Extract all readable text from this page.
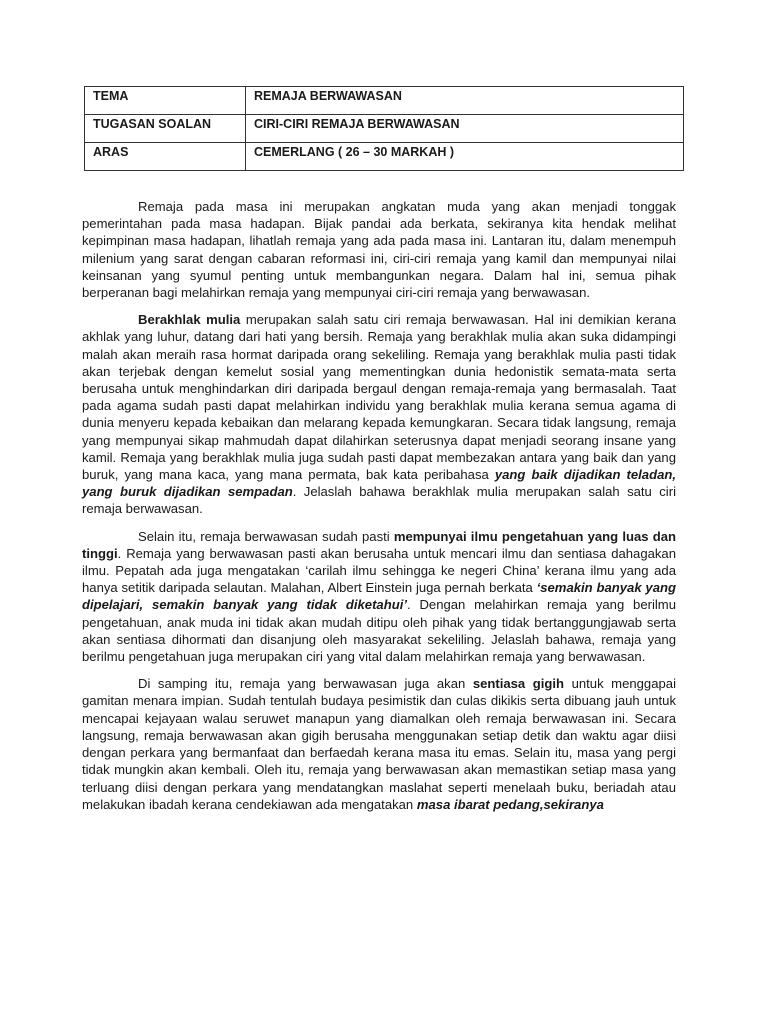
TEMA	REMAJA BERWAWASAN
TUGASAN SOALAN	CIRI-CIRI REMAJA BERWAWASAN
ARAS	CEMERLANG ( 26 – 30 MARKAH )

Remaja pada masa ini merupakan angkatan muda yang akan menjadi tonggak pemerintahan pada masa hadapan. Bijak pandai ada berkata, sekiranya kita hendak melihat kepimpinan masa hadapan, lihatlah remaja yang ada pada masa ini. Lantaran itu, dalam menempuh milenium yang sarat dengan cabaran reformasi ini, ciri-ciri remaja yang kamil dan mempunyai nilai keinsanan yang syumul penting untuk membangunkan negara. Dalam hal ini, semua pihak berperanan bagi melahirkan remaja yang mempunyai ciri-ciri remaja yang berwawasan.

Berakhlak mulia merupakan salah satu ciri remaja berwawasan. Hal ini demikian kerana akhlak yang luhur, datang dari hati yang bersih. Remaja yang berakhlak mulia akan suka didampingi malah akan meraih rasa hormat daripada orang sekeliling. Remaja yang berakhlak mulia pasti tidak akan terjebak dengan kemelut sosial yang mementingkan dunia hedonistik semata-mata serta berusaha untuk menghindarkan diri daripada bergaul dengan remaja-remaja yang bermasalah. Taat pada agama sudah pasti dapat melahirkan individu yang berakhlak mulia kerana semua agama di dunia menyeru kepada kebaikan dan melarang kepada kemungkaran. Secara tidak langsung, remaja yang mempunyai sikap mahmudah dapat dilahirkan seterusnya dapat menjadi seorang insane yang kamil. Remaja yang berakhlak mulia juga sudah pasti dapat membezakan antara yang baik dan yang buruk, yang mana kaca, yang mana permata, bak kata peribahasa yang baik dijadikan teladan, yang buruk dijadikan sempadan. Jelaslah bahawa berakhlak mulia merupakan salah satu ciri remaja berwawasan.

Selain itu, remaja berwawasan sudah pasti mempunyai ilmu pengetahuan yang luas dan tinggi. Remaja yang berwawasan pasti akan berusaha untuk mencari ilmu dan sentiasa dahagakan ilmu. Pepatah ada juga mengatakan ‘carilah ilmu sehingga ke negeri China’ kerana ilmu yang ada hanya setitik daripada selautan. Malahan, Albert Einstein juga pernah berkata ‘semakin banyak yang dipelajari, semakin banyak yang tidak diketahui’. Dengan melahirkan remaja yang berilmu pengetahuan, anak muda ini tidak akan mudah ditipu oleh pihak yang tidak bertanggungjawab serta akan sentiasa dihormati dan disanjung oleh masyarakat sekeliling. Jelaslah bahawa, remaja yang berilmu pengetahuan juga merupakan ciri yang vital dalam melahirkan remaja yang berwawasan.

Di samping itu, remaja yang berwawasan juga akan sentiasa gigih untuk menggapai gamitan menara impian. Sudah tentulah budaya pesimistik dan culas dikikis serta dibuang jauh untuk mencapai kejayaan walau seruwet manapun yang diamalkan oleh remaja berwawasan ini. Secara langsung, remaja berwawasan akan gigih berusaha menggunakan setiap detik dan waktu agar diisi dengan perkara yang bermanfaat dan berfaedah kerana masa itu emas. Selain itu, masa yang pergi tidak mungkin akan kembali. Oleh itu, remaja yang berwawasan akan memastikan setiap masa yang terluang diisi dengan perkara yang mendatangkan maslahat seperti menelaah buku, beriadah atau melakukan ibadah kerana cendekiawan ada mengatakan masa ibarat pedang,sekiranya
